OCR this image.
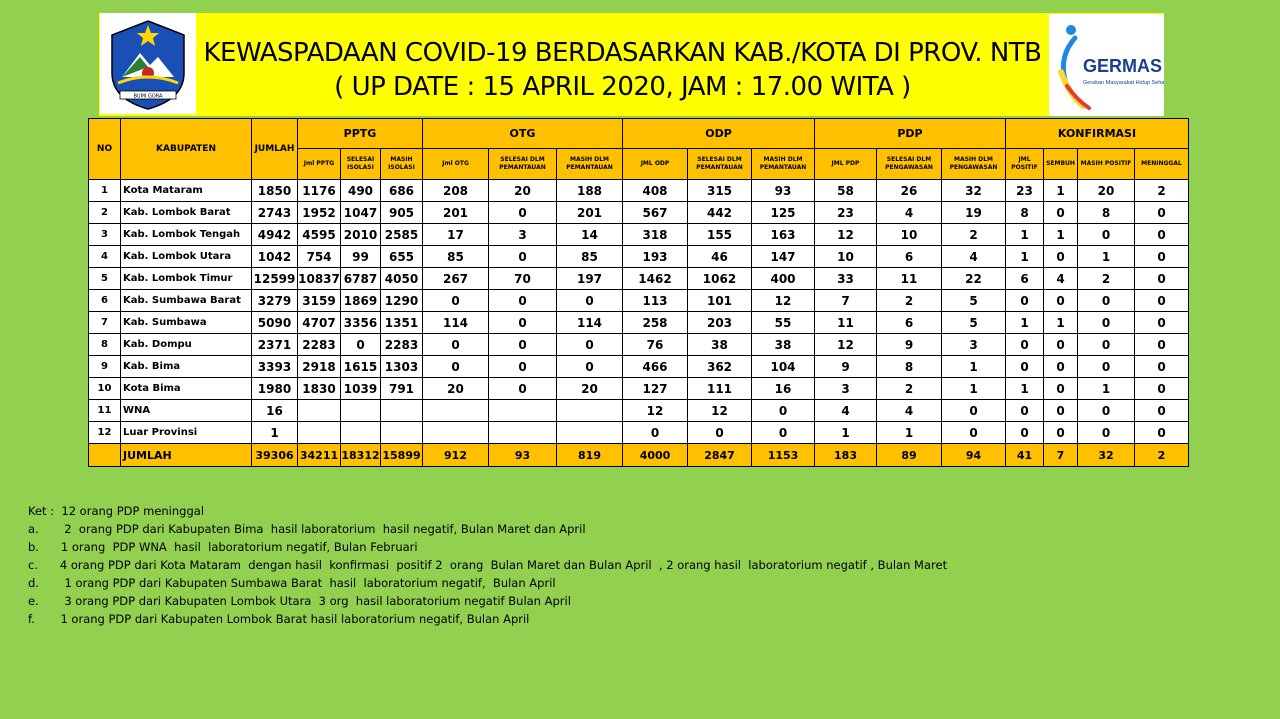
BUMI GORA
GERMAS
Gerakan Masyarakat Hidup Sehat
KEWASPADAAN COVID-19 BERDASARKAN KAB./KOTA DI PROV. NTB
( UP DATE : 15 APRIL 2020, JAM : 17.00 WITA )
NO	KABUPATEN	JUMLAH	PPTG			OTG			ODP			PDP			KONFIRMASI			
			Jml PPTG	SELESAI ISOLASI	MASIH ISOLASI	Jml OTG	SELESAI DLM PEMANTAUAN	MASIH DLM PEMANTAUAN	JML ODP	SELESAI DLM PEMANTAUAN	MASIH DLM PEMANTAUAN	JML PDP	SELESAI DLM PENGAWASAN	MASIH DLM PENGAWASAN	JML POSITIF	SEMBUH	MASIH POSITIF	MENINGGAL
1	Kota Mataram	1850	1176	490	686	208	20	188	408	315	93	58	26	32	23	1	20	2
2	Kab. Lombok Barat	2743	1952	1047	905	201	0	201	567	442	125	23	4	19	8	0	8	0
3	Kab. Lombok Tengah	4942	4595	2010	2585	17	3	14	318	155	163	12	10	2	1	1	0	0
4	Kab. Lombok Utara	1042	754	99	655	85	0	85	193	46	147	10	6	4	1	0	1	0
5	Kab. Lombok Timur	12599	10837	6787	4050	267	70	197	1462	1062	400	33	11	22	6	4	2	0
6	Kab. Sumbawa Barat	3279	3159	1869	1290	0	0	0	113	101	12	7	2	5	0	0	0	0
7	Kab. Sumbawa	5090	4707	3356	1351	114	0	114	258	203	55	11	6	5	1	1	0	0
8	Kab. Dompu	2371	2283	0	2283	0	0	0	76	38	38	12	9	3	0	0	0	0
9	Kab. Bima	3393	2918	1615	1303	0	0	0	466	362	104	9	8	1	0	0	0	0
10	Kota Bima	1980	1830	1039	791	20	0	20	127	111	16	3	2	1	1	0	1	0
11	WNA	16							12	12	0	4	4	0	0	0	0	0
12	Luar Provinsi	1							0	0	0	1	1	0	0	0	0	0
	JUMLAH	39306	34211	18312	15899	912	93	819	4000	2847	1153	183	89	94	41	7	32	2
Ket :  12 orang PDP meninggal
a.       2  orang PDP dari Kabupaten Bima  hasil laboratorium  hasil negatif, Bulan Maret dan April
b.      1 orang  PDP WNA  hasil  laboratorium negatif, Bulan Februari
c.      4 orang PDP dari Kota Mataram  dengan hasil  konfirmasi  positif 2  orang  Bulan Maret dan Bulan April  , 2 orang hasil  laboratorium negatif , Bulan Maret
d.       1 orang PDP dari Kabupaten Sumbawa Barat  hasil  laboratorium negatif,  Bulan April
e.       3 orang PDP dari Kabupaten Lombok Utara  3 org  hasil laboratorium negatif Bulan April
f.       1 orang PDP dari Kabupaten Lombok Barat hasil laboratorium negatif, Bulan April
